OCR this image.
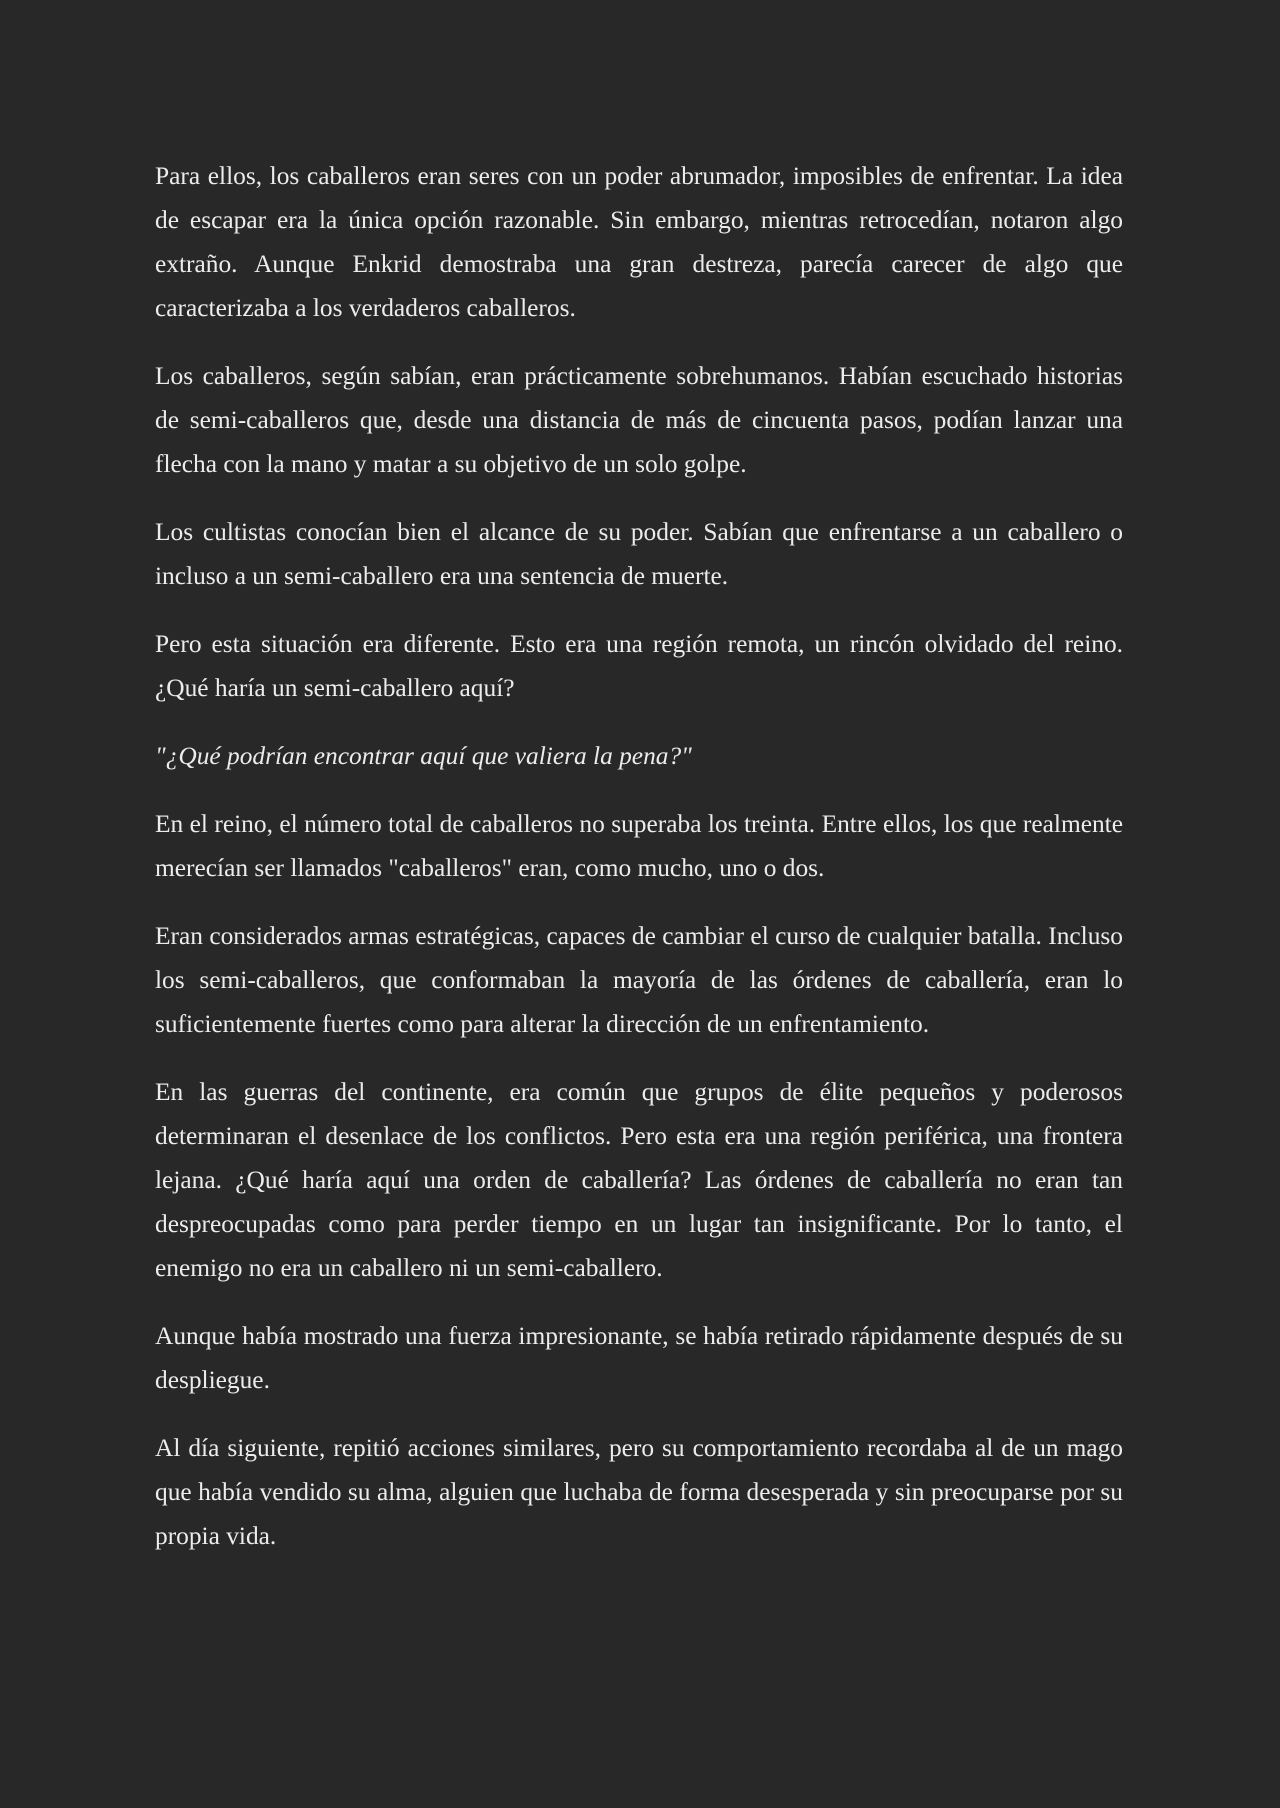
Para ellos, los caballeros eran seres con un poder abrumador, imposibles de enfrentar. La idea de escapar era la única opción razonable. Sin embargo, mientras retrocedían, notaron algo extraño. Aunque Enkrid demostraba una gran destreza, parecía carecer de algo que caracterizaba a los verdaderos caballeros.

Los caballeros, según sabían, eran prácticamente sobrehumanos. Habían escuchado historias de semi-caballeros que, desde una distancia de más de cincuenta pasos, podían lanzar una flecha con la mano y matar a su objetivo de un solo golpe.

Los cultistas conocían bien el alcance de su poder. Sabían que enfrentarse a un caballero o incluso a un semi-caballero era una sentencia de muerte.

Pero esta situación era diferente. Esto era una región remota, un rincón olvidado del reino. ¿Qué haría un semi-caballero aquí?

"¿Qué podrían encontrar aquí que valiera la pena?"

En el reino, el número total de caballeros no superaba los treinta. Entre ellos, los que realmente merecían ser llamados "caballeros" eran, como mucho, uno o dos.

Eran considerados armas estratégicas, capaces de cambiar el curso de cualquier batalla. Incluso los semi-caballeros, que conformaban la mayoría de las órdenes de caballería, eran lo suficientemente fuertes como para alterar la dirección de un enfrentamiento.

En las guerras del continente, era común que grupos de élite pequeños y poderosos determinaran el desenlace de los conflictos. Pero esta era una región periférica, una frontera lejana. ¿Qué haría aquí una orden de caballería? Las órdenes de caballería no eran tan despreocupadas como para perder tiempo en un lugar tan insignificante. Por lo tanto, el enemigo no era un caballero ni un semi-caballero.

Aunque había mostrado una fuerza impresionante, se había retirado rápidamente después de su despliegue.

Al día siguiente, repitió acciones similares, pero su comportamiento recordaba al de un mago que había vendido su alma, alguien que luchaba de forma desesperada y sin preocuparse por su propia vida.
